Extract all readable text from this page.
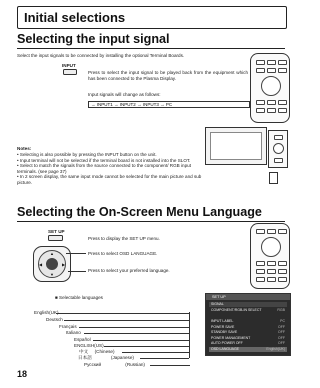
Initial selections
Selecting the input signal
Select the input signals to be connected by installing the optional Terminal Boards.
INPUT
Press to select the input signal to be played back from the equipment which has been connected to the Plasma Display.
Input signals will change as follows:
→ INPUT1 → INPUT2 → INPUT3 → PC
Notes:
• Selecting is also possible by pressing the INPUT button on the unit.
• Input terminal will not be selected if the terminal board is not installed into the SLOT.
• Select to match the signals from the source connected to the component/ RGB input terminals. (see page 37)
• In 2 screen display, the same input mode cannot be selected for the main picture and sub picture.
Selecting the On-Screen Menu Language
SET UP
Press to display the SET UP menu.
▲
▼
◀	▶
Press to select OSD LANGUAGE.
Press to select your preferred language.
■ Selectable languages
English(UK)
Deutsch
Français
Italiano
Español
ENGLISH(US)
中文 (Chinese)
日本語	(Japanese)
Русский	(Russian)
SET UP
SIGNAL
COMPONENT/RGB-IN SELECT	RGB
INPUT LABEL	PC
POWER SAVE	OFF
STANDBY SAVE	OFF
POWER MANAGEMENT	OFF
AUTO POWER OFF	OFF
OSD LANGUAGE	English(UK)
18
